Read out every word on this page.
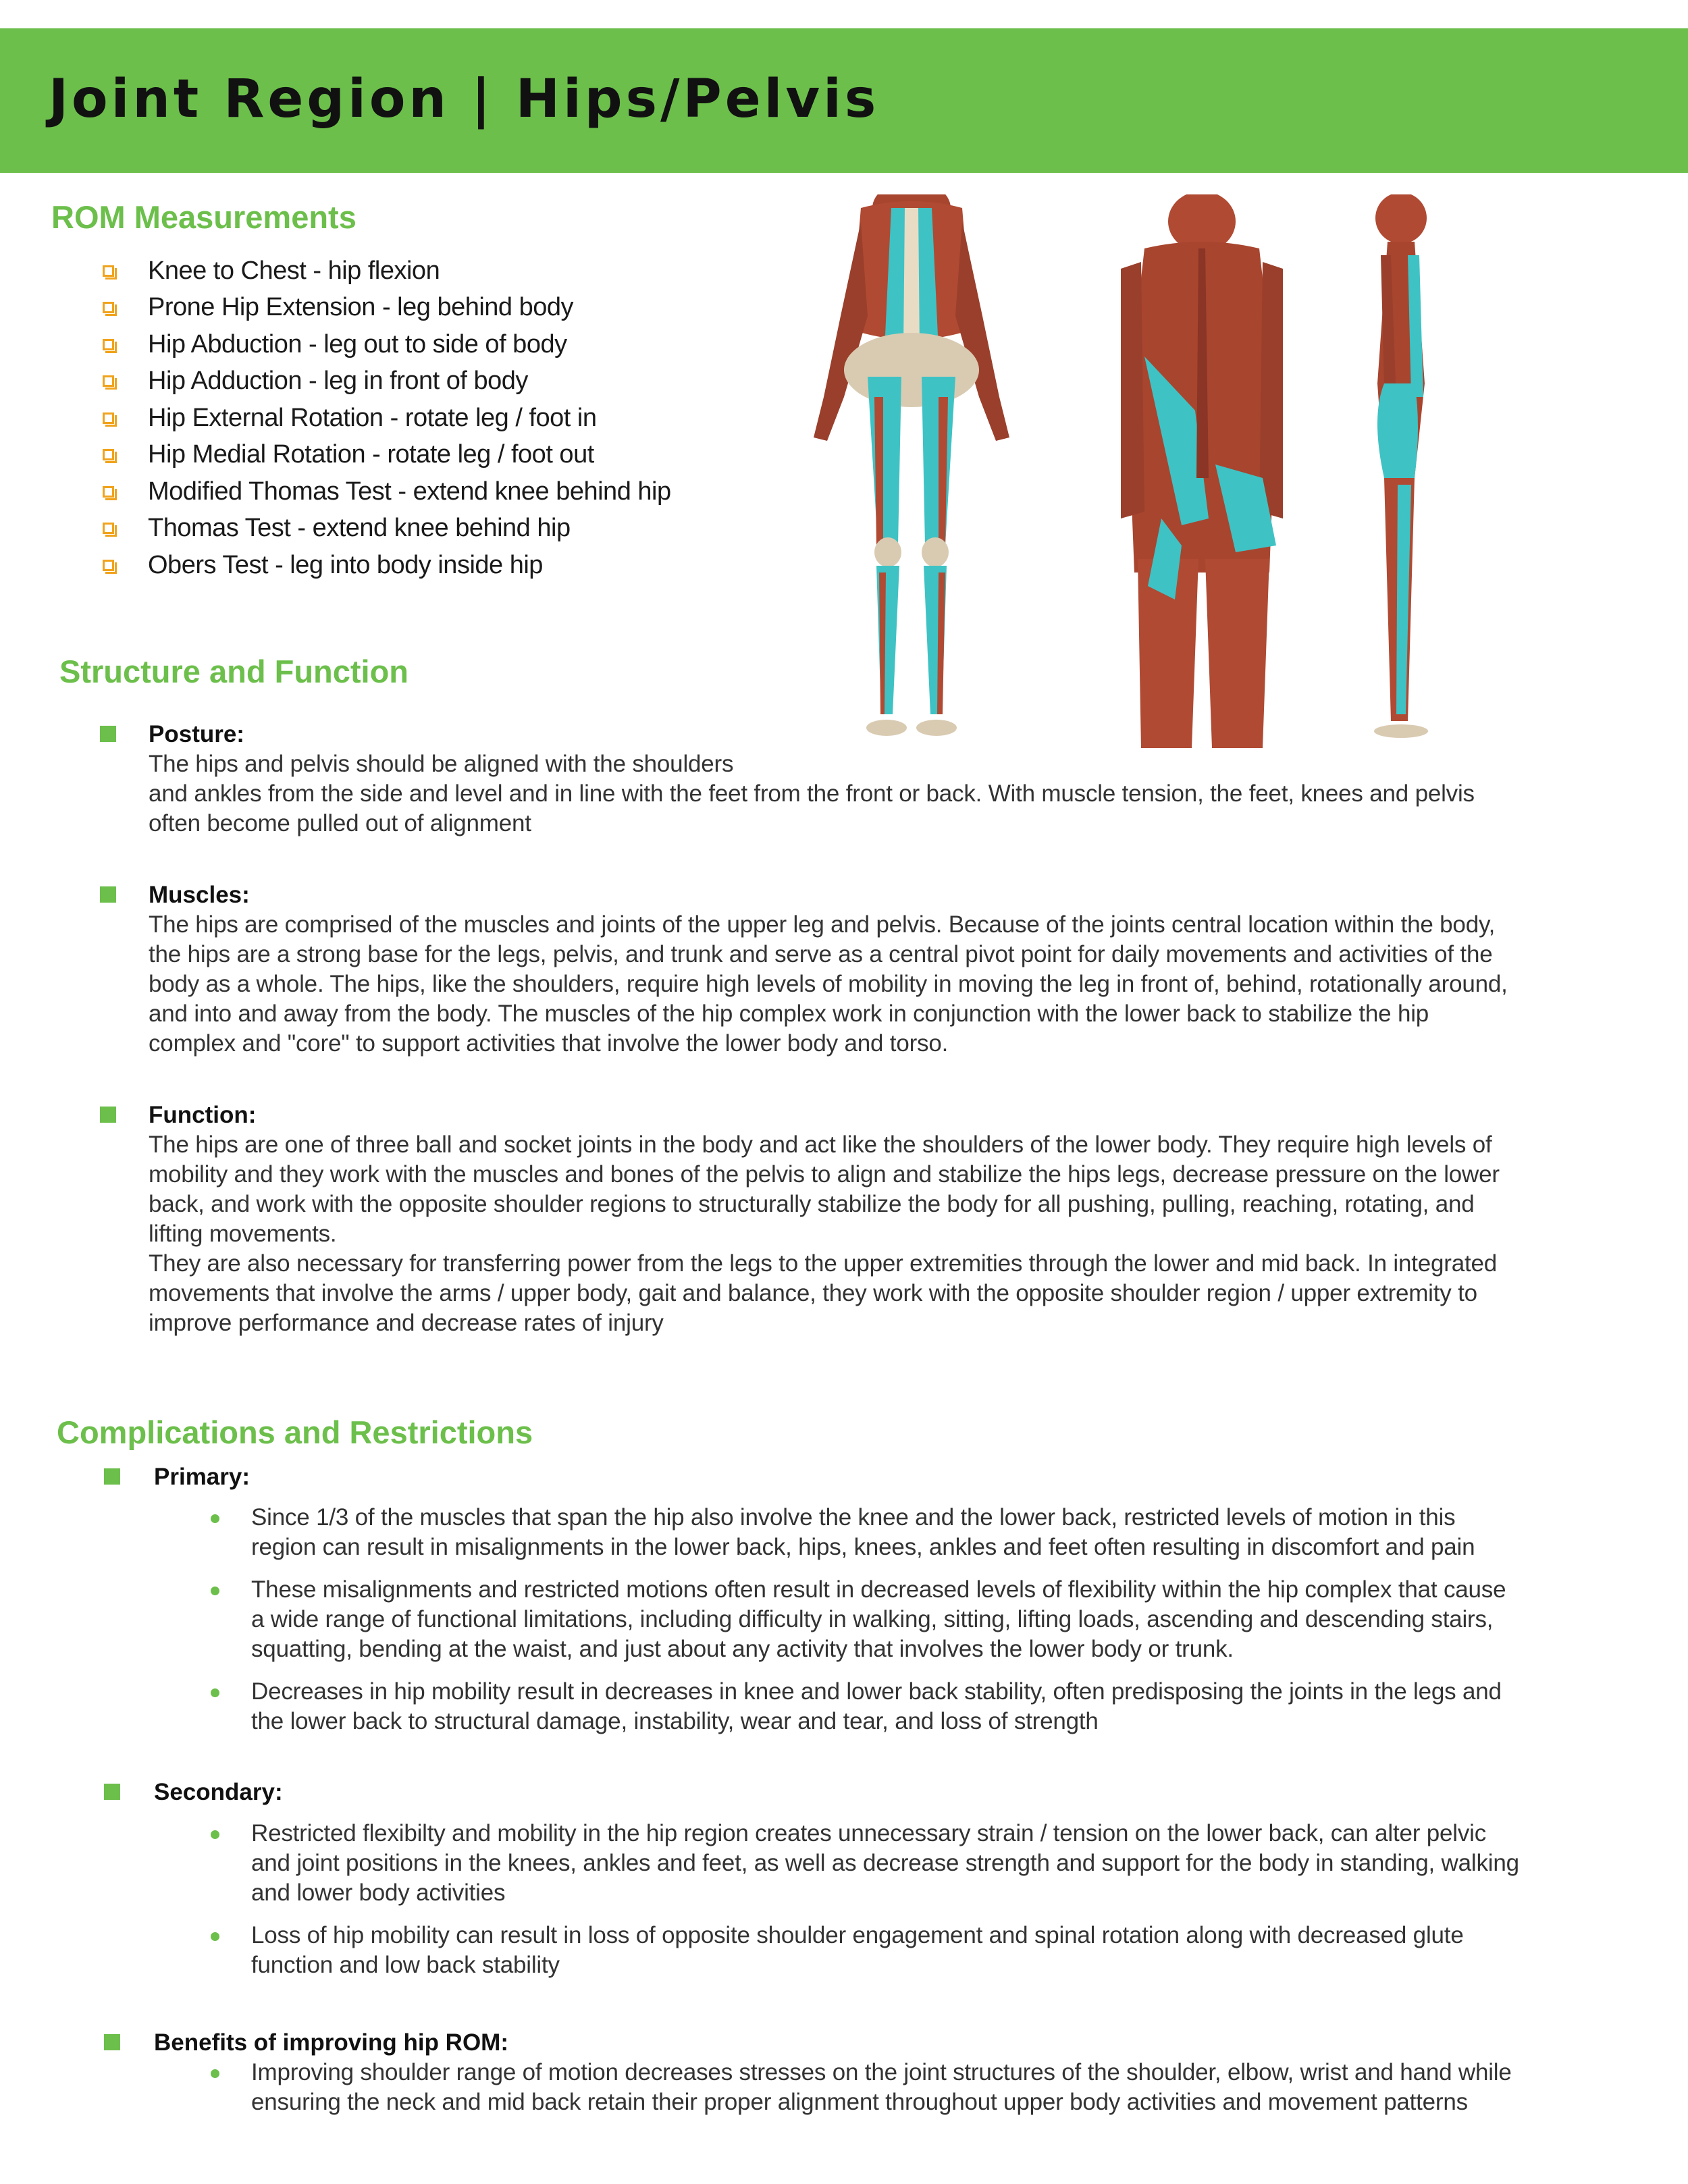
Joint Region | Hips/Pelvis
ROM Measurements
Knee to Chest - hip flexion
Prone Hip Extension - leg behind body
Hip Abduction - leg out to side of body
Hip Adduction - leg in front of body
Hip External Rotation - rotate leg / foot in
Hip Medial Rotation - rotate leg / foot out
Modified Thomas Test - extend knee behind hip
Thomas Test - extend knee behind hip
Obers Test - leg into body inside hip
Structure and Function

Posture:

The hips and pelvis should be aligned with the shoulders

and ankles from the side and level and in line with the feet from the front or back. With muscle tension, the feet, knees and pelvis

often become pulled out of alignment

Muscles:

The hips are comprised of the muscles and joints of the upper leg and pelvis. Because of the joints central location within the body,

the hips are a strong base for the legs, pelvis, and trunk and serve as a central pivot point for daily movements and activities of the

body as a whole. The hips, like the shoulders, require high levels of mobility in moving the leg in front of, behind, rotationally around,

and into and away from the body. The muscles of the hip complex work in conjunction with the lower back to stabilize the hip

complex and "core" to support activities that involve the lower body and torso.

Function:

The hips are one of three ball and socket joints in the body and act like the shoulders of the lower body. They require high levels of

mobility and they work with the muscles and bones of the pelvis to align and stabilize the hips legs, decrease pressure on the lower

back, and work with the opposite shoulder regions to structurally stabilize the body for all pushing, pulling, reaching, rotating, and

lifting movements.

They are also necessary for transferring power from the legs to the upper extremities through the lower and mid back. In integrated

movements that involve the arms / upper body, gait and balance, they work with the opposite shoulder region / upper extremity to

improve performance and decrease rates of injury

Complications and Restrictions

Primary:

Since 1/3 of the muscles that span the hip also involve the knee and the lower back, restricted levels of motion in this

region can result in misalignments in the lower back, hips, knees, ankles and feet often resulting in discomfort and pain

These misalignments and restricted motions often result in decreased levels of flexibility within the hip complex that cause

a wide range of functional limitations, including difficulty in walking, sitting, lifting loads, ascending and descending stairs,

squatting, bending at the waist, and just about any activity that involves the lower body or trunk.

Decreases in hip mobility result in decreases in knee and lower back stability, often predisposing the joints in the legs and

the lower back to structural damage, instability, wear and tear, and loss of strength

Secondary:

Restricted flexibilty and mobility in the hip region creates unnecessary strain / tension on the lower back, can alter pelvic

and joint positions in the knees, ankles and feet, as well as decrease strength and support for the body in standing, walking

and lower body activities

Loss of hip mobility can result in loss of opposite shoulder engagement and spinal rotation along with decreased glute

function and low back stability

Benefits of improving hip ROM:

Improving shoulder range of motion decreases stresses on the joint structures of the shoulder, elbow, wrist and hand while

ensuring the neck and mid back retain their proper alignment throughout upper body activities and movement patterns
